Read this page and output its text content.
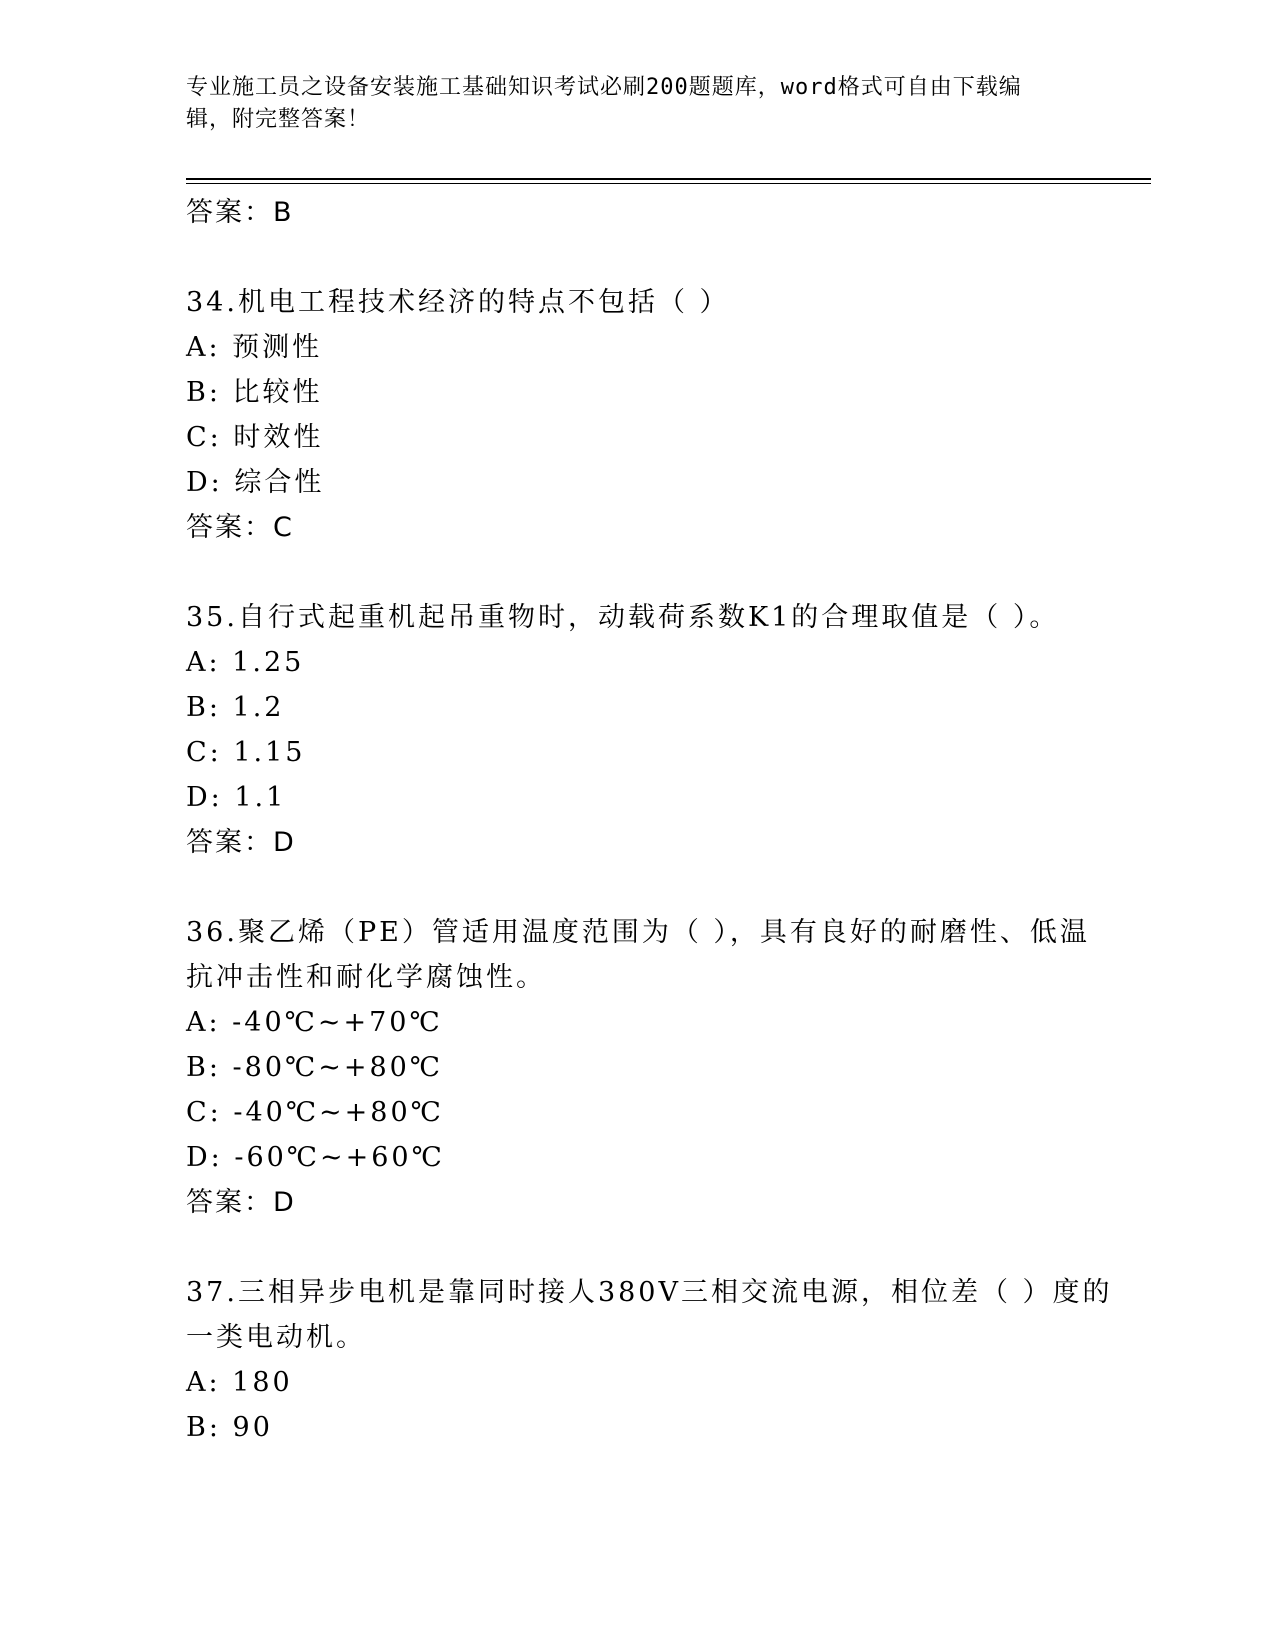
专业施工员之设备安装施工基础知识考试必刷200题题库，word格式可自由下载编辑，附完整答案！
答案：B
34.机电工程技术经济的特点不包括（ ）
A: 预测性
B: 比较性
C: 时效性
D: 综合性
答案：C
35.自行式起重机起吊重物时，动载荷系数K1的合理取值是（ ）。
A: 1.25
B: 1.2
C: 1.15
D: 1.1
答案：D
36.聚乙烯（PE）管适用温度范围为（ ），具有良好的耐磨性、低温
抗冲击性和耐化学腐蚀性。
A: -40℃~+70℃
B: -80℃~+80℃
C: -40℃~+80℃
D: -60℃~+60℃
答案：D
37.三相异步电机是靠同时接人380V三相交流电源，相位差（ ）度的
一类电动机。
A: 180
B: 90
